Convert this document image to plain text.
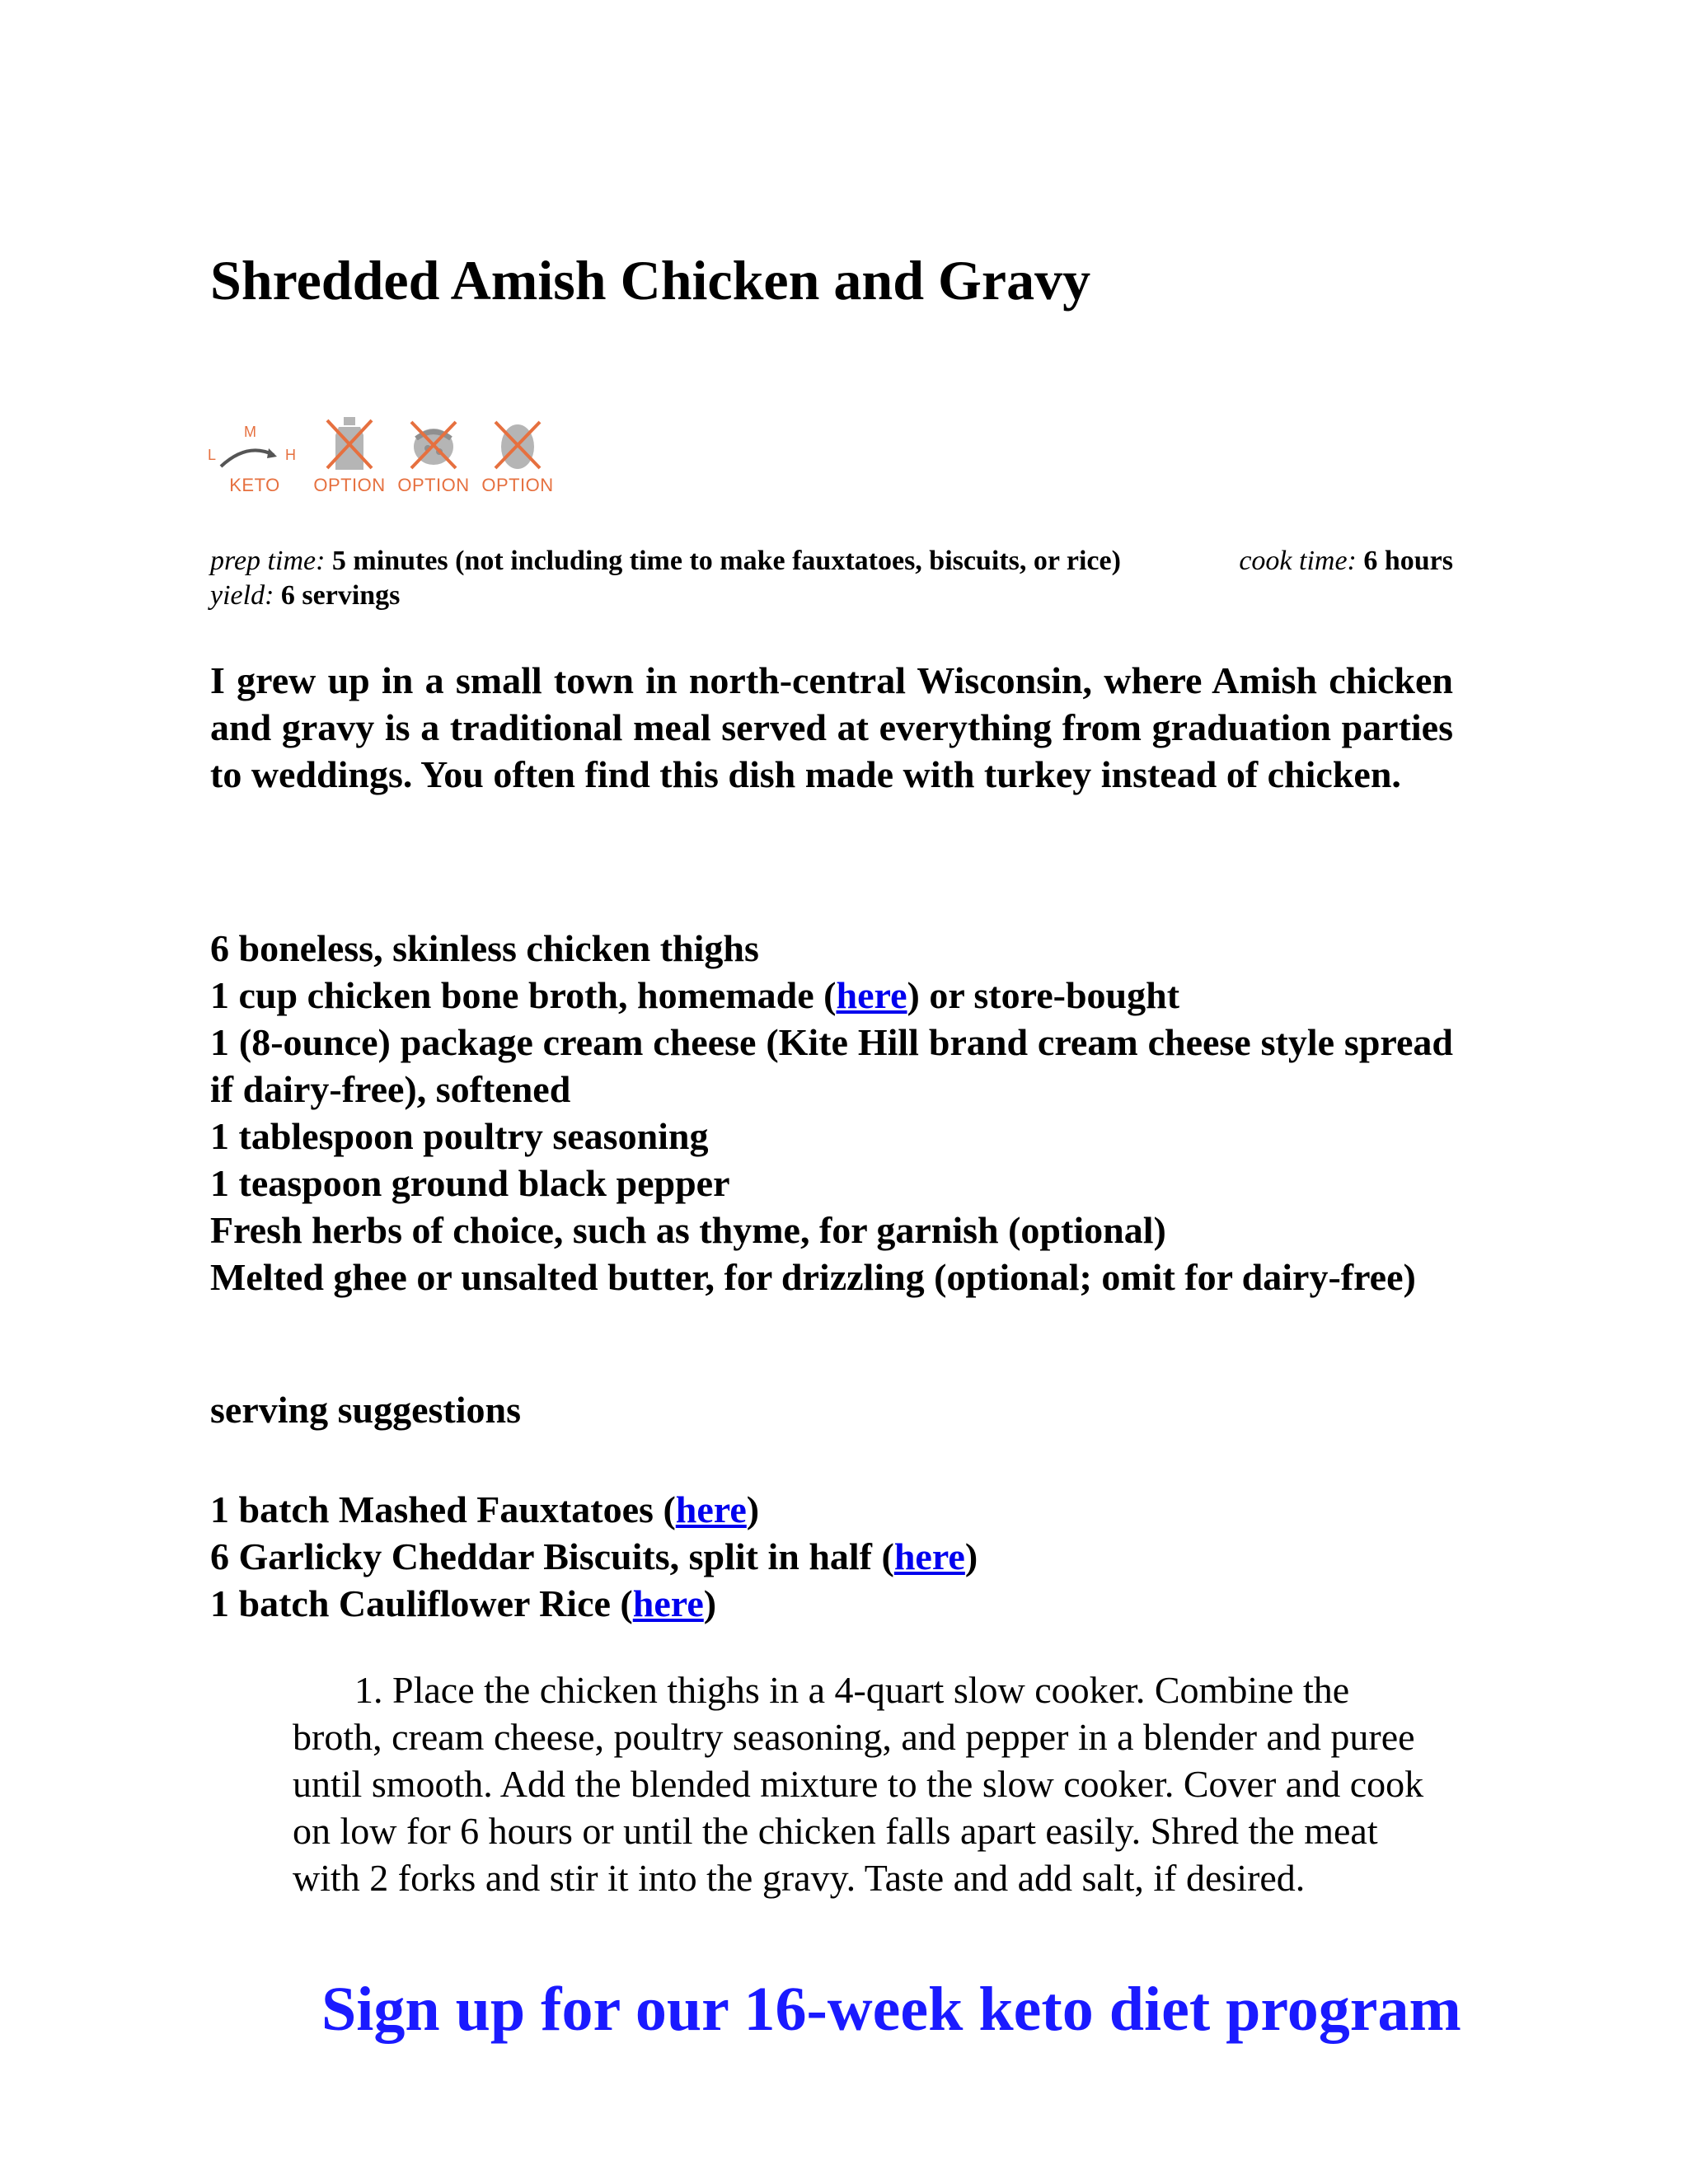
Shredded Amish Chicken and Gravy
M
L	H
KETO OPTION OPTION OPTION
prep time: 5 minutes (not including time to make fauxtatoes, biscuits, or rice)	cook time: 6 hours
yield: 6 servings

I grew up in a small town in north-central Wisconsin, where Amish chicken and gravy is a traditional meal served at everything from graduation parties to weddings. You often find this dish made with turkey instead of chicken.

6 boneless, skinless chicken thighs

1 cup chicken bone broth, homemade (here) or store-bought

1 (8-ounce) package cream cheese (Kite Hill brand cream cheese style spread if dairy-free), softened

1 tablespoon poultry seasoning

1 teaspoon ground black pepper

Fresh herbs of choice, such as thyme, for garnish (optional)

Melted ghee or unsalted butter, for drizzling (optional; omit for dairy-free)

serving suggestions

1 batch Mashed Fauxtatoes (here)

6 Garlicky Cheddar Biscuits, split in half (here)

1 batch Cauliflower Rice (here)

1. Place the chicken thighs in a 4-quart slow cooker. Combine the broth, cream cheese, poultry seasoning, and pepper in a blender and puree until smooth. Add the blended mixture to the slow cooker. Cover and cook on low for 6 hours or until the chicken falls apart easily. Shred the meat with 2 forks and stir it into the gravy. Taste and add salt, if desired.

Sign up for our 16-week keto diet program
